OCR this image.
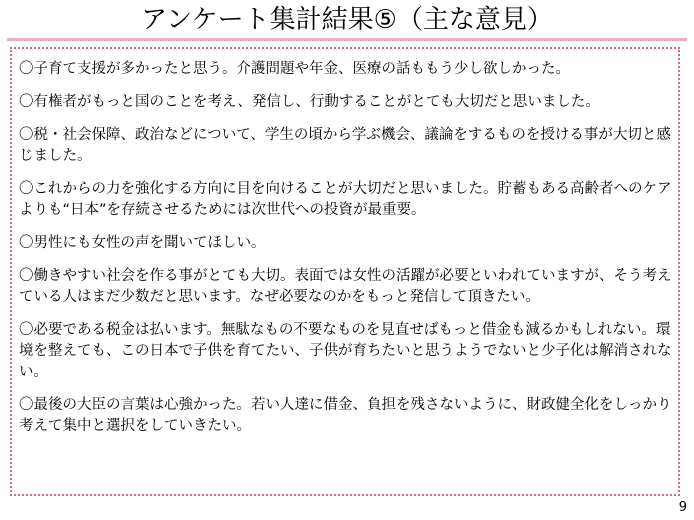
アンケート集計結果⑤（主な意見）

〇子育て支援が多かったと思う。介護問題や年金、医療の話ももう少し欲しかった。

〇有権者がもっと国のことを考え、発信し、行動することがとても大切だと思いました。

〇税・社会保障、政治などについて、学生の頃から学ぶ機会、議論をするものを授ける事が大切と感じました。

〇これからの力を強化する方向に目を向けることが大切だと思いました。貯蓄もある高齢者へのケアよりも“日本”を存続させるためには次世代への投資が最重要。

〇男性にも女性の声を聞いてほしい。

〇働きやすい社会を作る事がとても大切。表面では女性の活躍が必要といわれていますが、そう考えている人はまだ少数だと思います。なぜ必要なのかをもっと発信して頂きたい。

〇必要である税金は払います。無駄なもの不要なものを見直せばもっと借金も減るかもしれない。環境を整えても、この日本で子供を育てたい、子供が育ちたいと思うようでないと少子化は解消されない。

〇最後の大臣の言葉は心強かった。若い人達に借金、負担を残さないように、財政健全化をしっかり考えて集中と選択をしていきたい。

9
